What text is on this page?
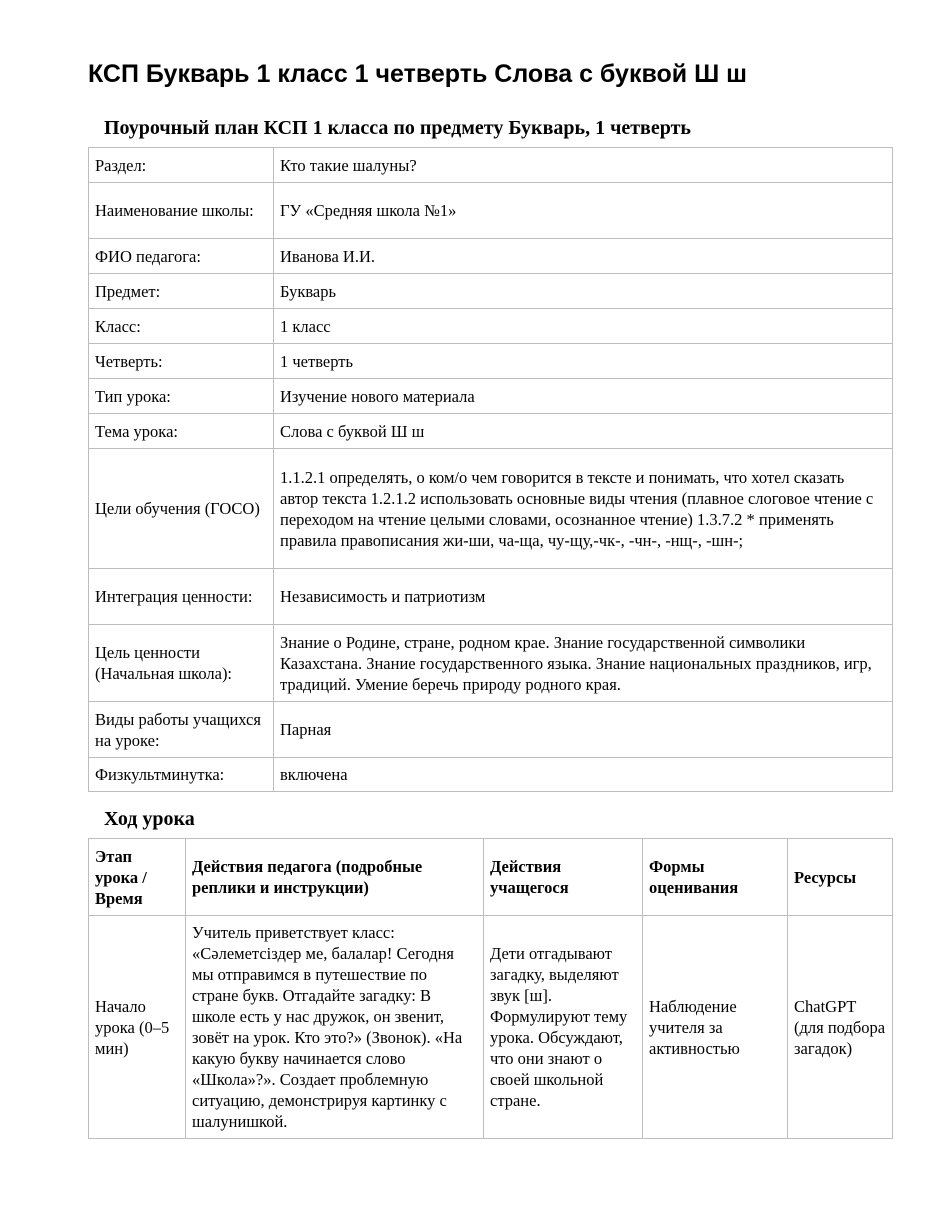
КСП Букварь 1 класс 1 четверть Слова с буквой Ш ш
Поурочный план КСП 1 класса по предмету Букварь, 1 четверть
Раздел:	Кто такие шалуны?
Наименование школы:	ГУ «Средняя школа №1»
ФИО педагога:	Иванова И.И.
Предмет:	Букварь
Класс:	1 класс
Четверть:	1 четверть
Тип урока:	Изучение нового материала
Тема урока:	Слова с буквой Ш ш
Цели обучения (ГОСО)	1.1.2.1 определять, о ком/о чем говорится в тексте и понимать, что хотел сказать автор текста 1.2.1.2 использовать основные виды чтения (плавное слоговое чтение с переходом на чтение целыми словами, осознанное чтение) 1.3.7.2 * применять правила правописания жи-ши, ча-ща, чу-щу,-чк-, -чн-, -нщ-, -шн-;
Интеграция ценности:	Независимость и патриотизм
Цель ценности (Начальная школа):	Знание о Родине, стране, родном крае. Знание государственной символики Казахстана. Знание государственного языка. Знание национальных праздников, игр, традиций. Умение беречь природу родного края.
Виды работы учащихся на уроке:	Парная
Физкультминутка:	включена
Ход урока
Этап урока / Время	Действия педагога (подробные реплики и инструкции)	Действия учащегося	Формы оценивания	Ресурсы
Начало урока (0–5 мин)	Учитель приветствует класс: «Сәлеметсіздер ме, балалар! Сегодня мы отправимся в путешествие по стране букв. Отгадайте загадку: В школе есть у нас дружок, он звенит, зовёт на урок. Кто это?» (Звонок). «На какую букву начинается слово «Школа»?». Создает проблемную ситуацию, демонстрируя картинку с шалунишкой.	Дети отгадывают загадку, выделяют звук [ш]. Формулируют тему урока. Обсуждают, что они знают о своей школьной стране.	Наблюдение учителя за активностью	ChatGPT (для подбора загадок)
